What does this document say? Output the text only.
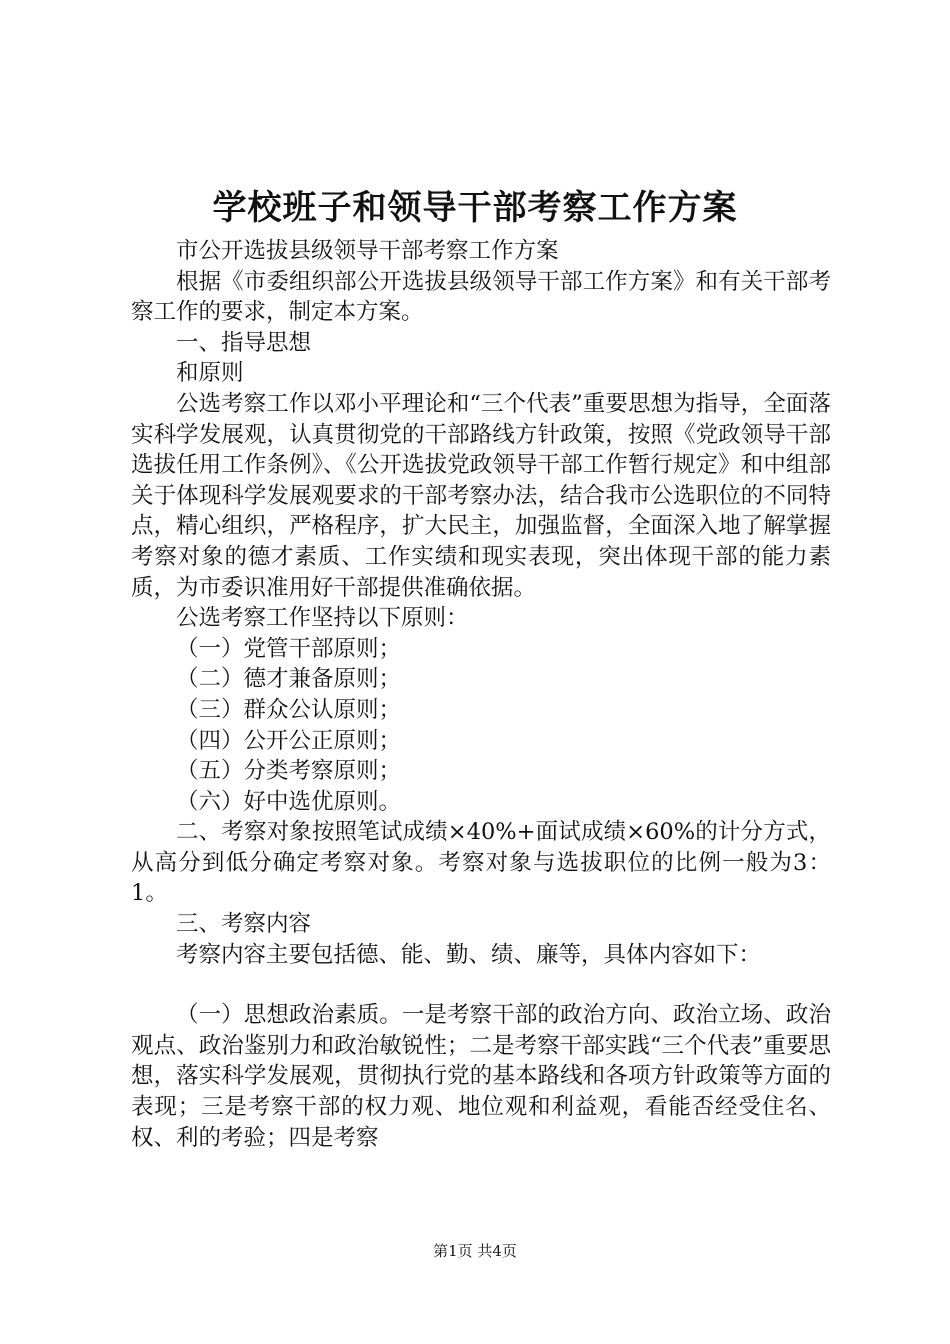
学校班子和领导干部考察工作方案

市公开选拔县级领导干部考察工作方案

根据《市委组织部公开选拔县级领导干部工作方案》和有关干部考察工作的要求，制定本方案。

一、指导思想

和原则

公选考察工作以邓小平理论和“三个代表”重要思想为指导，全面落实科学发展观，认真贯彻党的干部路线方针政策，按照《党政领导干部选拔任用工作条例》、《公开选拔党政领导干部工作暂行规定》和中组部关于体现科学发展观要求的干部考察办法，结合我市公选职位的不同特点，精心组织，严格程序，扩大民主，加强监督，全面深入地了解掌握考察对象的德才素质、工作实绩和现实表现，突出体现干部的能力素质，为市委识准用好干部提供准确依据。

公选考察工作坚持以下原则：

（一）党管干部原则；

（二）德才兼备原则；

（三）群众公认原则；

（四）公开公正原则；

（五）分类考察原则；

（六）好中选优原则。

二、考察对象按照笔试成绩×40%+面试成绩×60%的计分方式，从高分到低分确定考察对象。考察对象与选拔职位的比例一般为3：1。

三、考察内容

考察内容主要包括德、能、勤、绩、廉等，具体内容如下：

（一）思想政治素质。一是考察干部的政治方向、政治立场、政治观点、政治鉴别力和政治敏锐性；二是考察干部实践“三个代表”重要思想，落实科学发展观，贯彻执行党的基本路线和各项方针政策等方面的表现；三是考察干部的权力观、地位观和利益观，看能否经受住名、权、利的考验；四是考察

第1页 共4页
